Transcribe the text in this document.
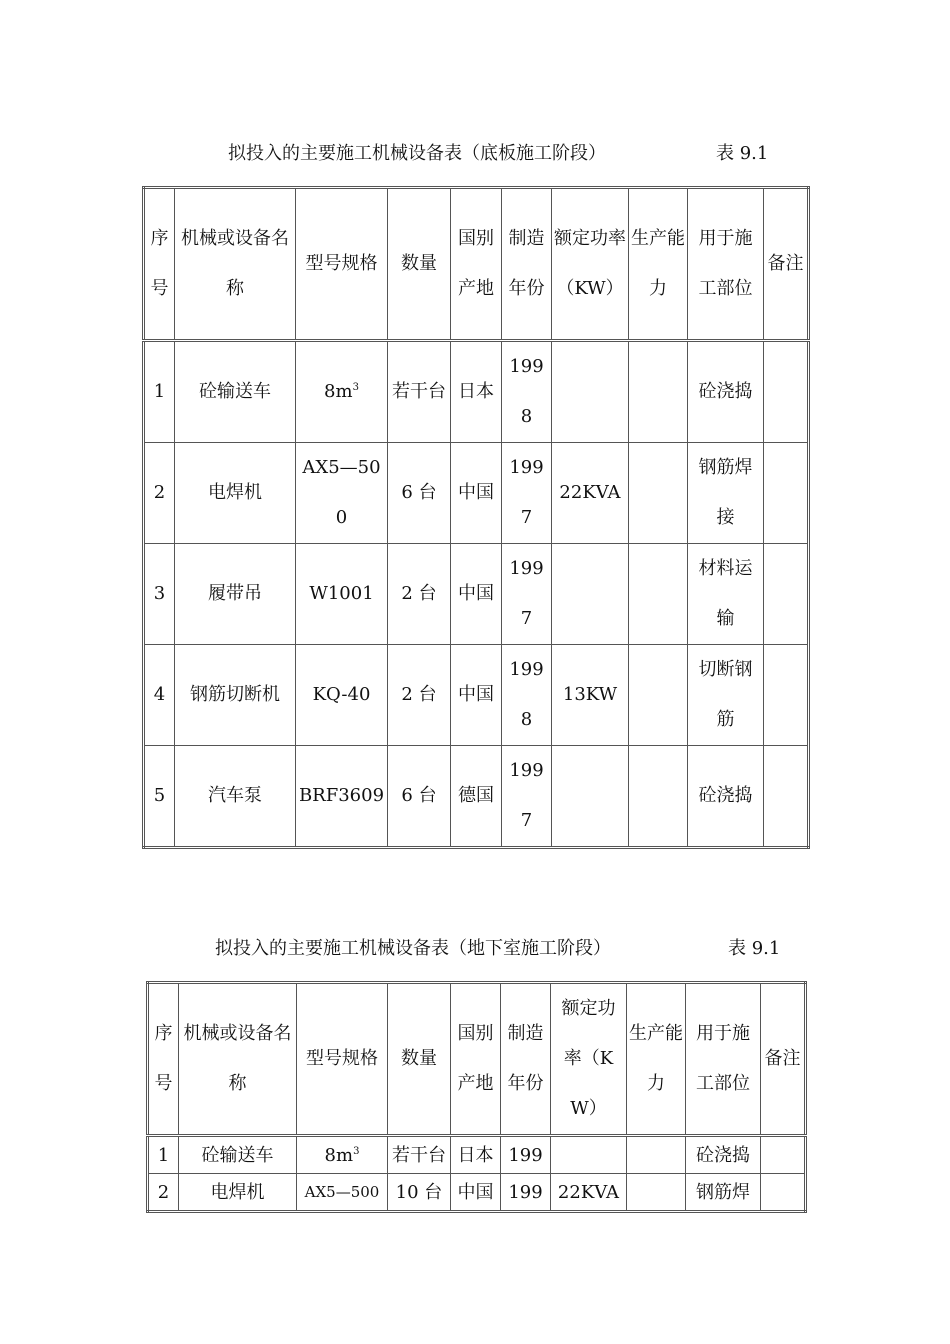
拟投入的主要施工机械设备表（底板施工阶段）	表 9.1
序号	机械或设备名称	型号规格	数量	国别产地	制造年份	额定功率（KW）	生产能力	用于施工部位	备注
1	砼输送车	$8m^3$	若干台	日本	1998			砼浇捣	
2	电焊机	AX5—500	6 台	中国	1997	22KVA		钢筋焊接	
3	履带吊	W1001	2 台	中国	1997			材料运输	
4	钢筋切断机	KQ-40	2 台	中国	1998	13KW		切断钢筋	
5	汽车泵	BRF3609	6 台	德国	1997			砼浇捣	
拟投入的主要施工机械设备表（地下室施工阶段）	表 9.1
序号	机械或设备名称	型号规格	数量	国别产地	制造年份	额定功率（KW）	生产能力	用于施工部位	备注
1	砼输送车	$8m^3$	若干台	日本	199			砼浇捣	
2	电焊机	AX5—500	10 台	中国	199	22KVA		钢筋焊	
